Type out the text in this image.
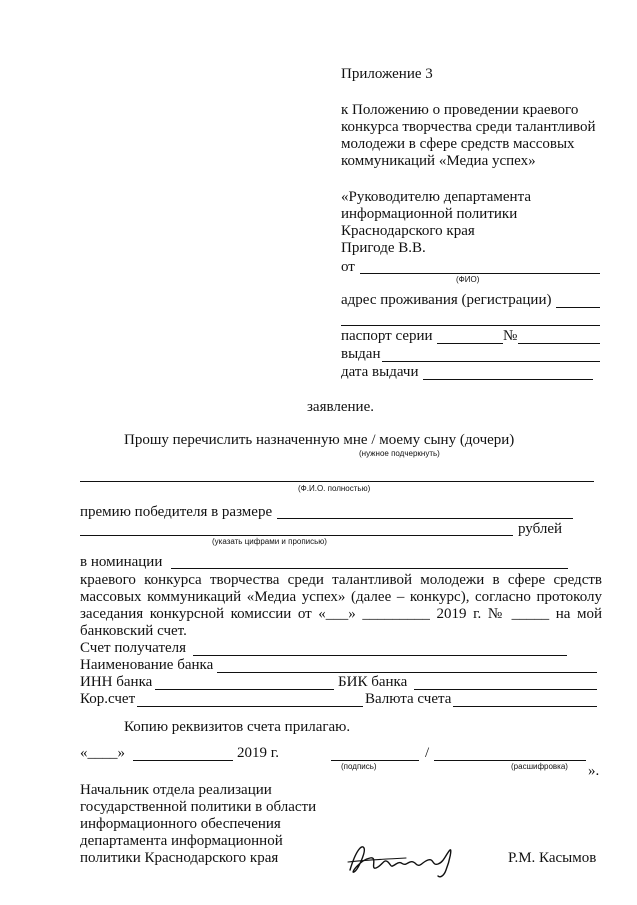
Приложение 3
к Положению о проведении краевого
конкурса творчества среди талантливой
молодежи в сфере средств массовых
коммуникаций «Медиа успех»
«Руководителю департамента
информационной политики
Краснодарского края
Пригоде В.В.
от
(ФИО)
адрес проживания (регистрации)
паспорт серии	№
выдан
дата выдачи
заявление.
Прошу перечислить назначенную мне / моему сыну (дочери)
(нужное подчеркнуть)
(Ф.И.О. полностью)
премию победителя в размере
рублей
(указать цифрами и прописью)
в номинации
краевого конкурса творчества среди талантливой молодежи в сфере средств
массовых коммуникаций «Медиа успех» (далее – конкурс), согласно протоколу
заседания конкурсной комиссии от «___» _________ 2019 г. № _____ на мой
банковский счет.
Счет получателя
Наименование банка
ИНН банка	БИК банка
Кор.счет	Валюта счета
Копию реквизитов счета прилагаю.
«____»	2019 г.	/
(подпись)	(расшифровка) ».
Начальник отдела реализации
государственной политики в области
информационного обеспечения
департамента информационной
политики Краснодарского края	Р.М. Касымов
